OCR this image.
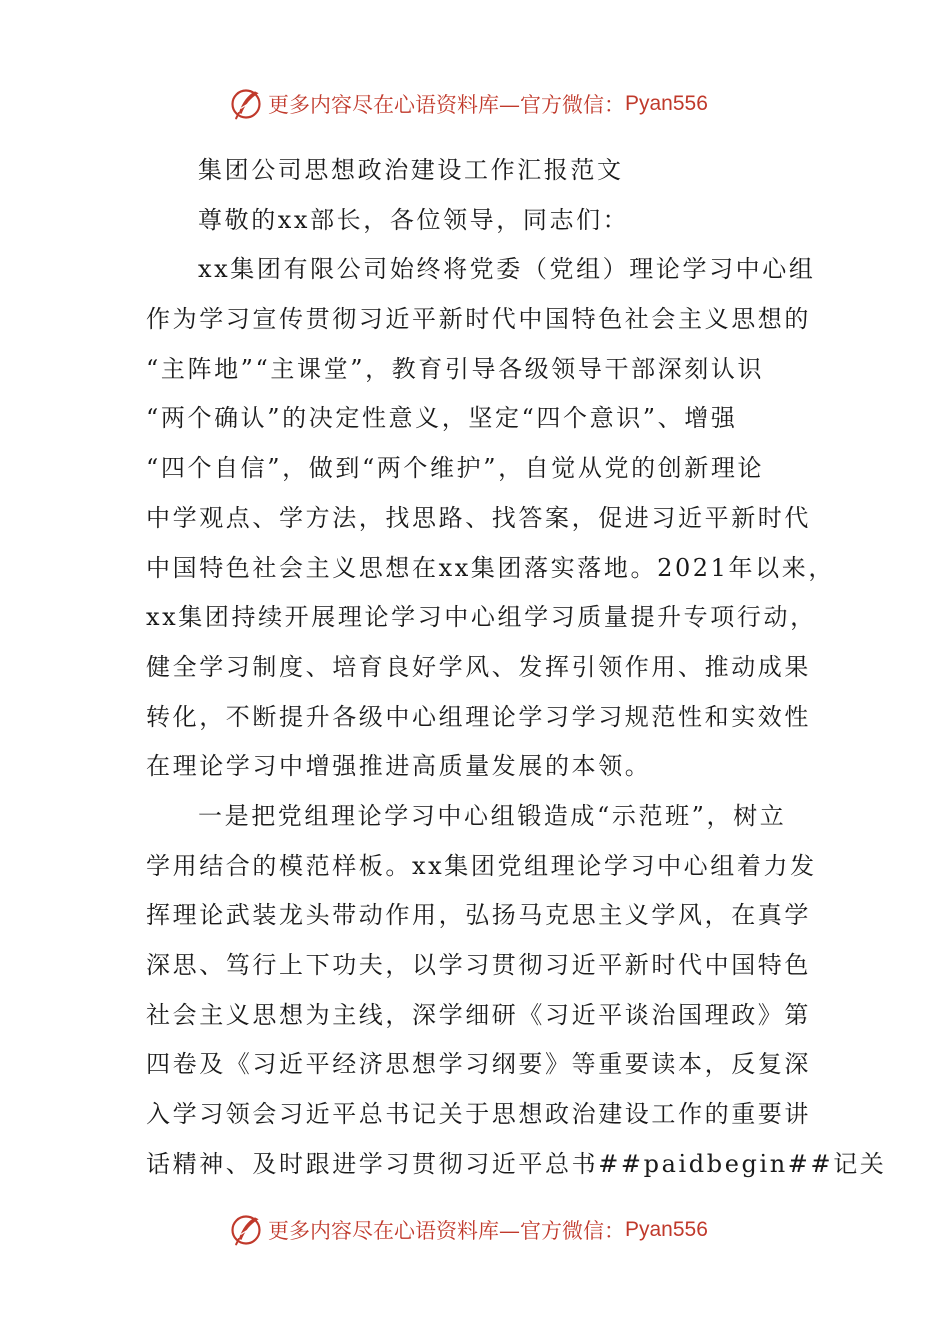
更多内容尽在心语资料库 —官方微信： Pyan556
集团公司思想政治建设工作汇报范文
尊敬的xx部长，各位领导，同志们：
xx集团有限公司始终将党委（党组）理论学习中心组
作为学习宣传贯彻习近平新时代中国特色社会主义思想的
“主阵地”“主课堂”，教育引导各级领导干部深刻认识
“两个确认”的决定性意义，坚定“四个意识”、增强
“四个自信”，做到“两个维护”，自觉从党的创新理论
中学观点、学方法，找思路、找答案，促进习近平新时代
中国特色社会主义思想在xx集团落实落地。2021年以来，
xx集团持续开展理论学习中心组学习质量提升专项行动，
健全学习制度、培育良好学风、发挥引领作用、推动成果
转化，不断提升各级中心组理论学习学习规范性和实效性
在理论学习中增强推进高质量发展的本领。
一是把党组理论学习中心组锻造成“示范班”，树立
学用结合的模范样板。xx集团党组理论学习中心组着力发
挥理论武装龙头带动作用，弘扬马克思主义学风，在真学
深思、笃行上下功夫，以学习贯彻习近平新时代中国特色
社会主义思想为主线，深学细研《习近平谈治国理政》第
四卷及《习近平经济思想学习纲要》等重要读本，反复深
入学习领会习近平总书记关于思想政治建设工作的重要讲
话精神、及时跟进学习贯彻习近平总书##paidbegin##记关
更多内容尽在心语资料库 —官方微信： Pyan556
